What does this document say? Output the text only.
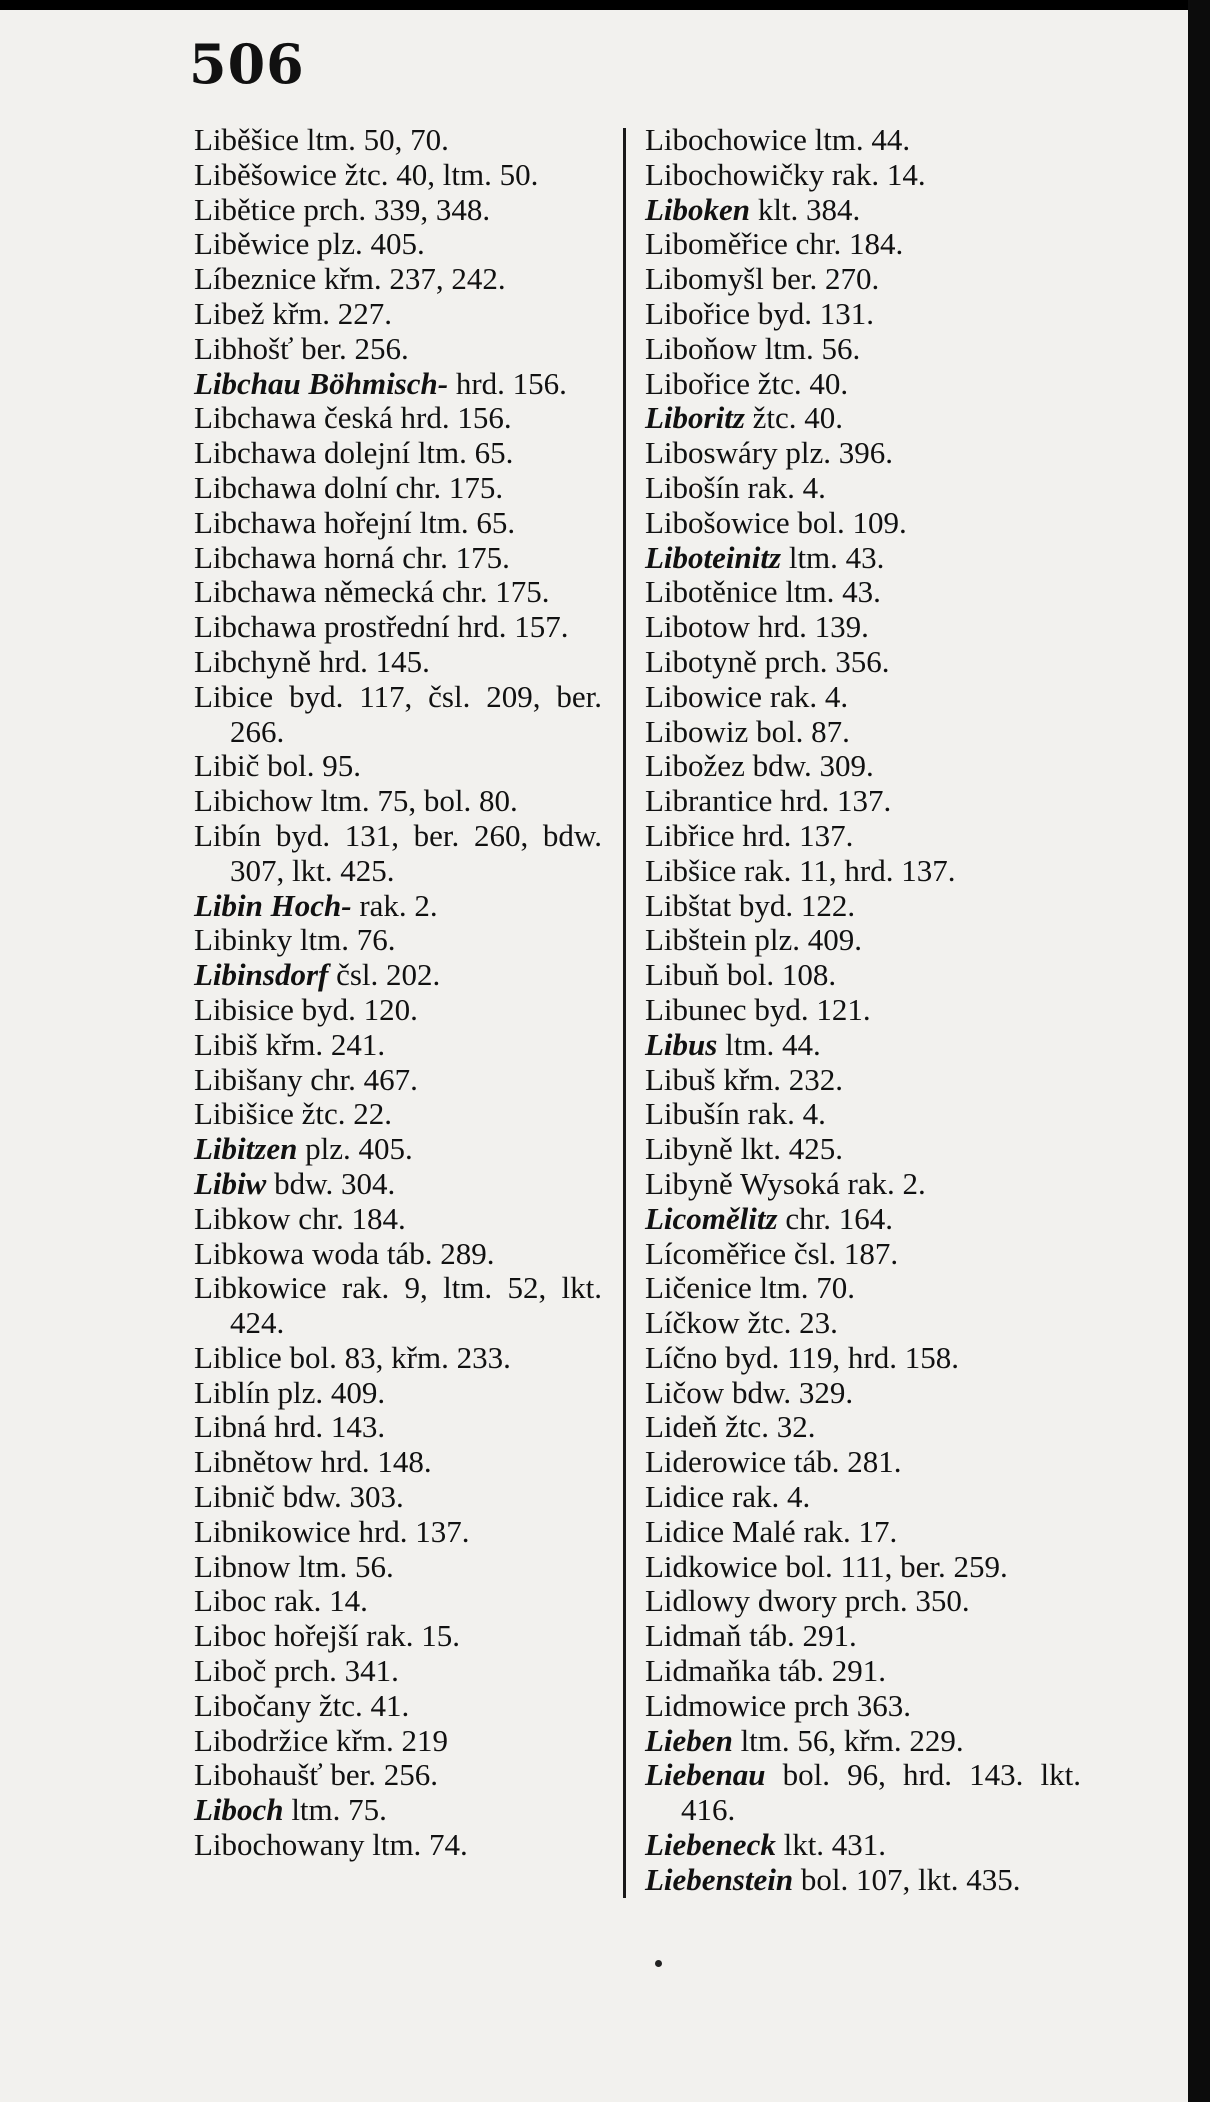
506
Liběšice ltm. 50, 70.
Liběšowice žtc. 40, ltm. 50.
Libětice prch. 339, 348.
Liběwice plz. 405.
Líbeznice křm. 237, 242.
Libež křm. 227.
Libhošť ber. 256.
Libchau Böhmisch- hrd. 156.
Libchawa česká hrd. 156.
Libchawa dolejní ltm. 65.
Libchawa dolní chr. 175.
Libchawa hořejní ltm. 65.
Libchawa horná chr. 175.
Libchawa německá chr. 175.
Libchawa prostřední hrd. 157.
Libchyně hrd. 145.
Libice byd. 117, čsl. 209, ber. 266.
Libič bol. 95.
Libichow ltm. 75, bol. 80.
Libín byd. 131, ber. 260, bdw. 307, lkt. 425.
Libin Hoch- rak. 2.
Libinky ltm. 76.
Libinsdorf čsl. 202.
Libisice byd. 120.
Libiš křm. 241.
Libišany chr. 467.
Libišice žtc. 22.
Libitzen plz. 405.
Libiw bdw. 304.
Libkow chr. 184.
Libkowa woda táb. 289.
Libkowice rak. 9, ltm. 52, lkt. 424.
Liblice bol. 83, křm. 233.
Liblín plz. 409.
Libná hrd. 143.
Libnětow hrd. 148.
Libnič bdw. 303.
Libnikowice hrd. 137.
Libnow ltm. 56.
Liboc rak. 14.
Liboc hořejší rak. 15.
Liboč prch. 341.
Libočany žtc. 41.
Libodržice křm. 219
Libohaušť ber. 256.
Liboch ltm. 75.
Libochowany ltm. 74.
Libochowice ltm. 44.
Libochowičky rak. 14.
Liboken klt. 384.
Liboměřice chr. 184.
Libomyšl ber. 270.
Libořice byd. 131.
Liboňow ltm. 56.
Libořice žtc. 40.
Liboritz žtc. 40.
Liboswáry plz. 396.
Libošín rak. 4.
Libošowice bol. 109.
Liboteinitz ltm. 43.
Libotěnice ltm. 43.
Libotow hrd. 139.
Libotyně prch. 356.
Libowice rak. 4.
Libowiz bol. 87.
Libožez bdw. 309.
Librantice hrd. 137.
Libřice hrd. 137.
Libšice rak. 11, hrd. 137.
Libštat byd. 122.
Libštein plz. 409.
Libuň bol. 108.
Libunec byd. 121.
Libus ltm. 44.
Libuš křm. 232.
Libušín rak. 4.
Libyně lkt. 425.
Libyně Wysoká rak. 2.
Licomělitz chr. 164.
Lícoměřice čsl. 187.
Ličenice ltm. 70.
Líčkow žtc. 23.
Líčno byd. 119, hrd. 158.
Ličow bdw. 329.
Lideň žtc. 32.
Liderowice táb. 281.
Lidice rak. 4.
Lidice Malé rak. 17.
Lidkowice bol. 111, ber. 259.
Lidlowy dwory prch. 350.
Lidmaň táb. 291.
Lidmaňka táb. 291.
Lidmowice prch 363.
Lieben ltm. 56, křm. 229.
Liebenau bol. 96, hrd. 143. lkt. 416.
Liebeneck lkt. 431.
Liebenstein bol. 107, lkt. 435.
